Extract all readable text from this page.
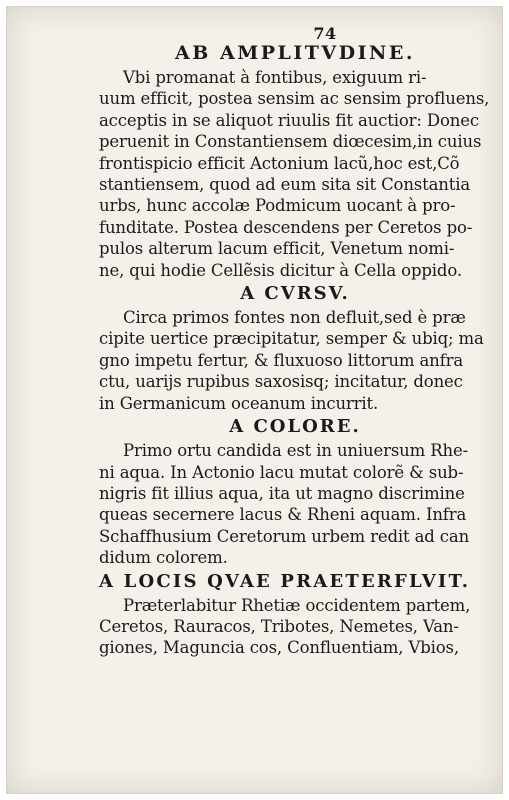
74
AB AMPLITVDINE.
Vbi promanat à fontibus, exiguum ri-
uum efficit, postea sensim ac sensim profluens,
acceptis in se aliquot riuulis fit auctior: Donec
peruenit in Constantiensem diœcesim,in cuius
frontispicio efficit Actonium lacũ,hoc est,Cõ
stantiensem, quod ad eum sita sit Constantia
urbs, hunc accolæ Podmicum uocant à pro-
funditate. Postea descendens per Ceretos po-
pulos alterum lacum efficit, Venetum nomi-
ne, qui hodie Cellẽsis dicitur à Cella oppido.
A CVRSV.
Circa primos fontes non defluit,sed è præ
cipite uertice præcipitatur, semper & ubiq; ma
gno impetu fertur, & fluxuoso littorum anfra
ctu, uarijs rupibus saxosisq; incitatur, donec
in Germanicum oceanum incurrit.
A COLORE.
Primo ortu candida est in uniuersum Rhe-
ni aqua. In Actonio lacu mutat colorẽ & sub-
nigris fit illius aqua, ita ut magno discrimine
queas secernere lacus & Rheni aquam. Infra
Schaffhusium Ceretorum urbem redit ad can
didum colorem.
A LOCIS QVAE PRAETERFLVIT.
Præterlabitur Rhetiæ occidentem partem,
Ceretos, Rauracos, Tribotes, Nemetes, Van-
giones, Maguncia cos, Confluentiam, Vbios,
